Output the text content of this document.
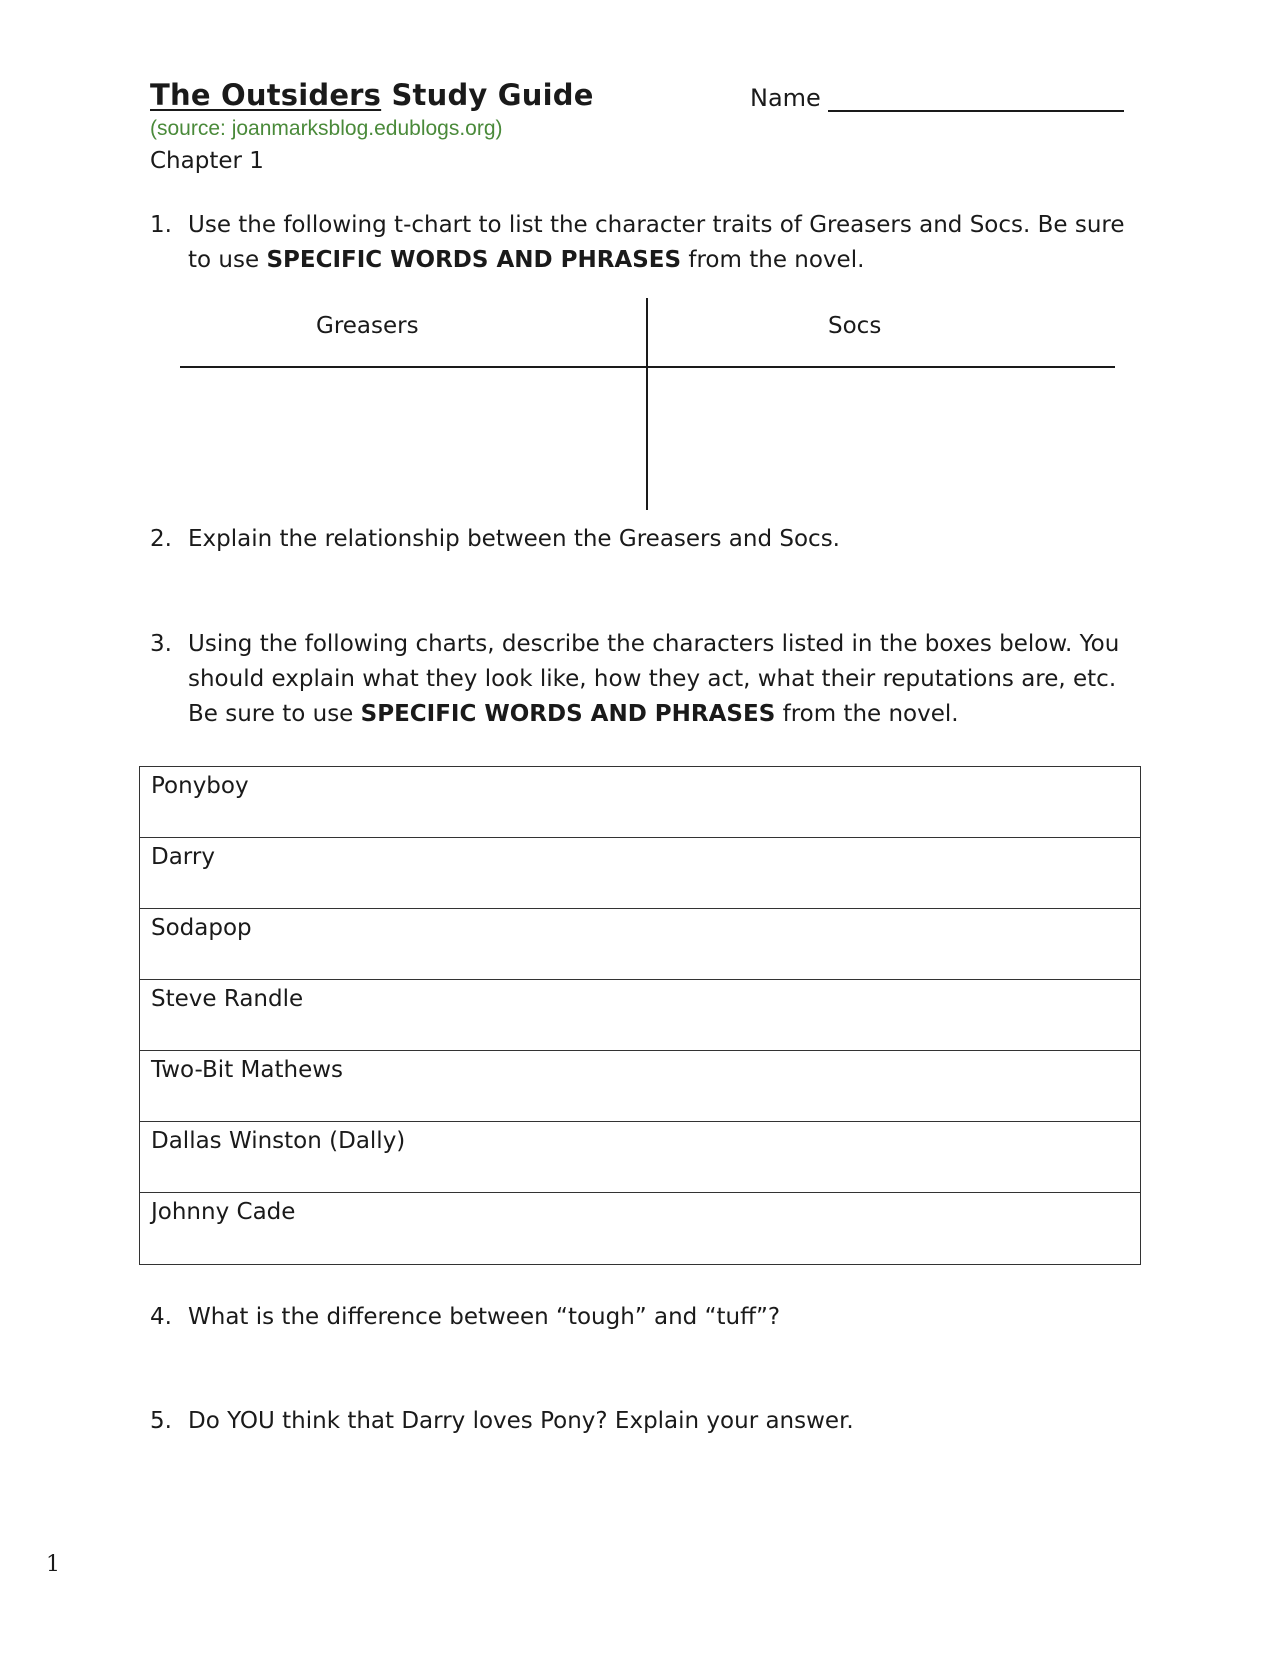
The Outsiders Study Guide	Name
(source: joanmarksblog.edublogs.org)
Chapter 1
1. Use the following t-chart to list the character traits of Greasers and Socs. Be sure to use SPECIFIC WORDS AND PHRASES from the novel.
Greasers	Socs
2. Explain the relationship between the Greasers and Socs.
3. Using the following charts, describe the characters listed in the boxes below. You should explain what they look like, how they act, what their reputations are, etc. Be sure to use SPECIFIC WORDS AND PHRASES from the novel.
Ponyboy
Darry
Sodapop
Steve Randle
Two-Bit Mathews
Dallas Winston (Dally)
Johnny Cade
4. What is the difference between “tough” and “tuff”?
5. Do YOU think that Darry loves Pony? Explain your answer.
1
